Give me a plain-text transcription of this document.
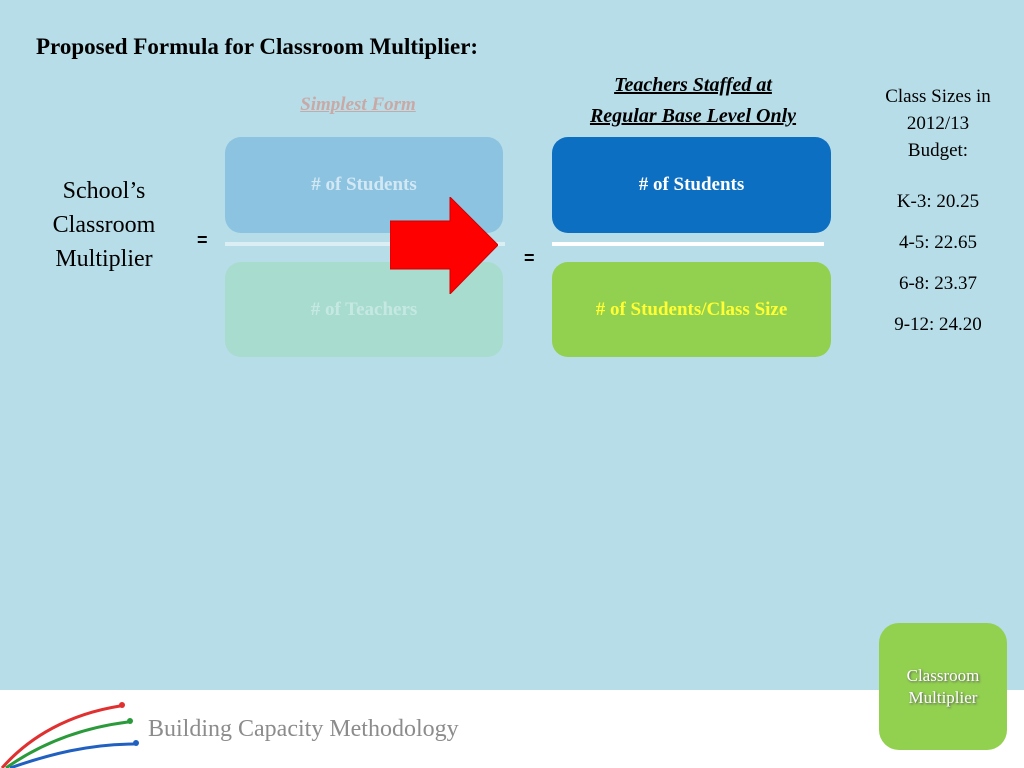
Proposed Formula for Classroom Multiplier:
Simplest Form
Teachers Staffed at
Regular Base Level Only
School’s
Classroom
Multiplier
=
# of Students
# of Teachers
=
# of Students
# of Students/Class Size
Class Sizes in
2012/13
Budget:
K-3: 20.25
4-5: 22.65
6-8: 23.37
9-12: 24.20
Building Capacity Methodology
Classroom Multiplier
